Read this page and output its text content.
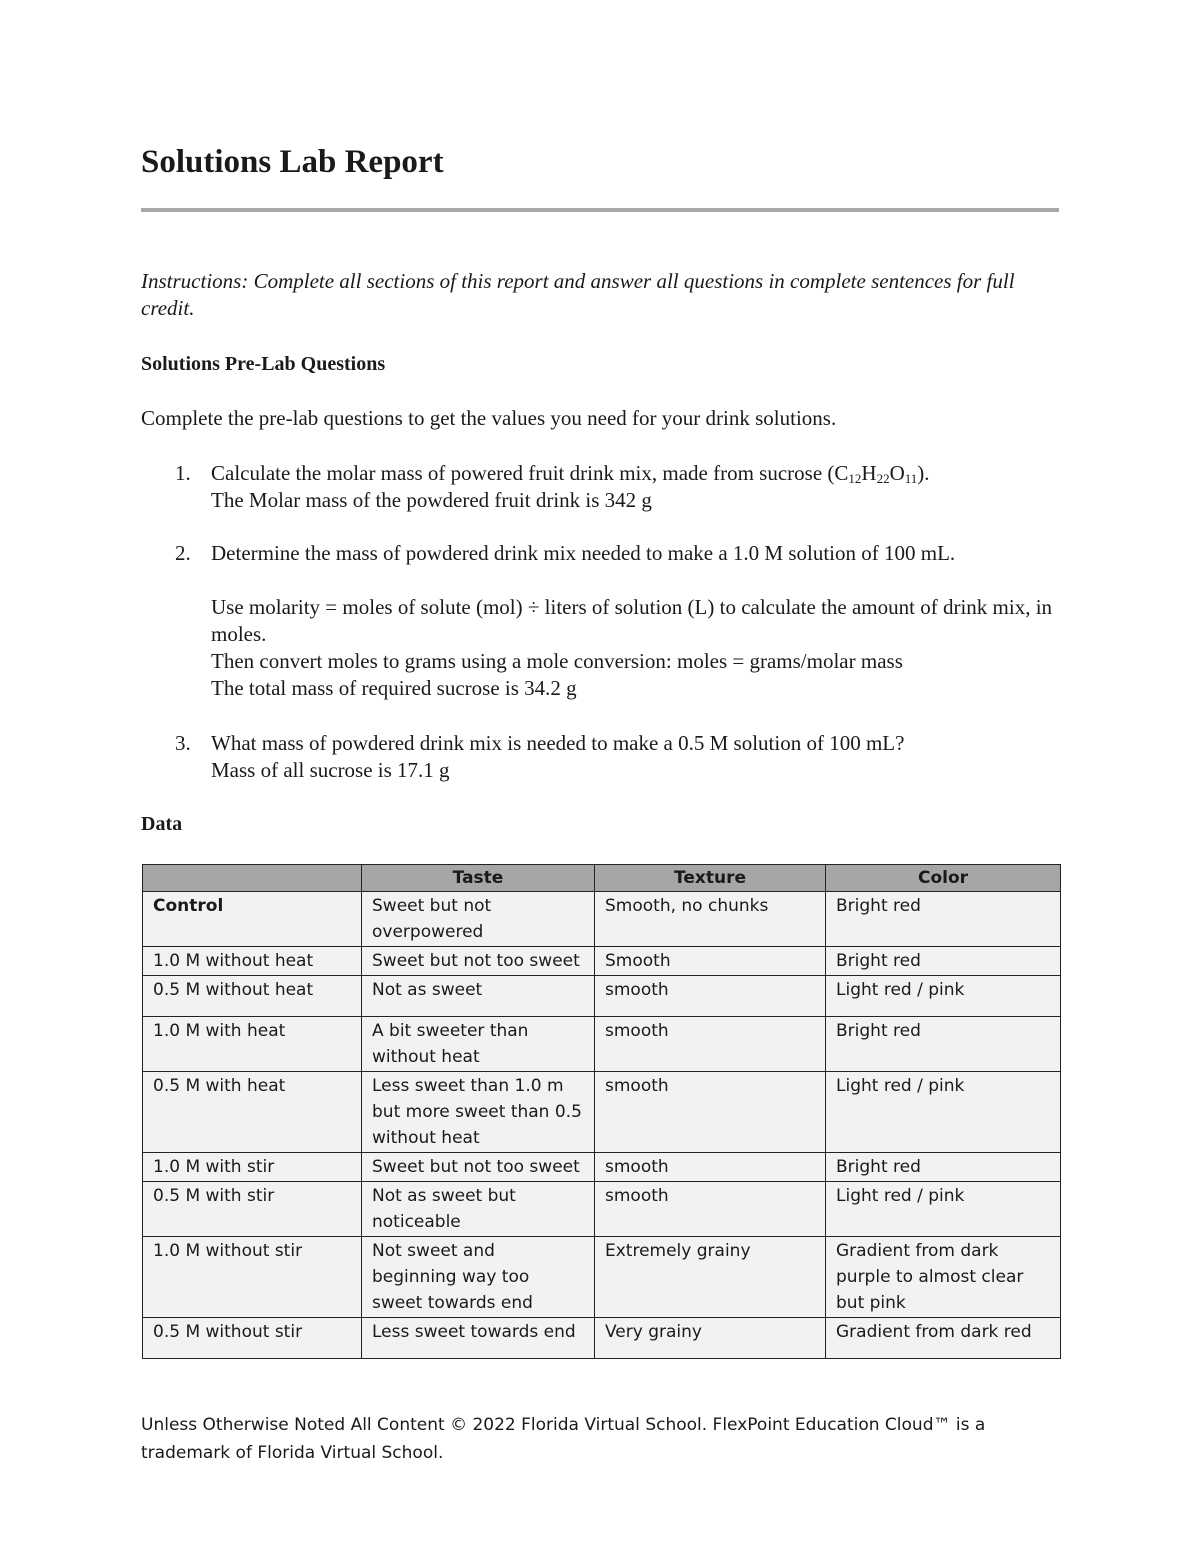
Solutions Lab Report

Instructions: Complete all sections of this report and answer all questions in complete sentences for full credit.

Solutions Pre-Lab Questions

Complete the pre-lab questions to get the values you need for your drink solutions.

1. Calculate the molar mass of powered fruit drink mix, made from sucrose $(C_{12}H_{22}O_{11})$.

The Molar mass of the powdered fruit drink is 342 g

2. Determine the mass of powdered drink mix needed to make a 1.0 M solution of 100 mL.

Use molarity = moles of solute (mol) ÷ liters of solution (L) to calculate the amount of drink mix, in moles.

Then convert moles to grams using a mole conversion: moles = grams/molar mass

The total mass of required sucrose is 34.2 g

3. What mass of powdered drink mix is needed to make a 0.5 M solution of 100 mL?

Mass of all sucrose is 17.1 g

Data
	Taste	Texture	Color
Control	Sweet but not overpowered	Smooth, no chunks	Bright red
1.0 M without heat	Sweet but not too sweet	Smooth	Bright red
0.5 M without heat	Not as sweet	smooth	Light red / pink
1.0 M with heat	A bit sweeter than without heat	smooth	Bright red
0.5 M with heat	Less sweet than 1.0 m but more sweet than 0.5 without heat	smooth	Light red / pink
1.0 M with stir	Sweet but not too sweet	smooth	Bright red
0.5 M with stir	Not as sweet but noticeable	smooth	Light red / pink
1.0 M without stir	Not sweet and beginning way too sweet towards end	Extremely grainy	Gradient from dark purple to almost clear but pink
0.5 M without stir	Less sweet towards end	Very grainy	Gradient from dark red

Unless Otherwise Noted All Content © 2022 Florida Virtual School. FlexPoint Education Cloud™ is a trademark of Florida Virtual School.
